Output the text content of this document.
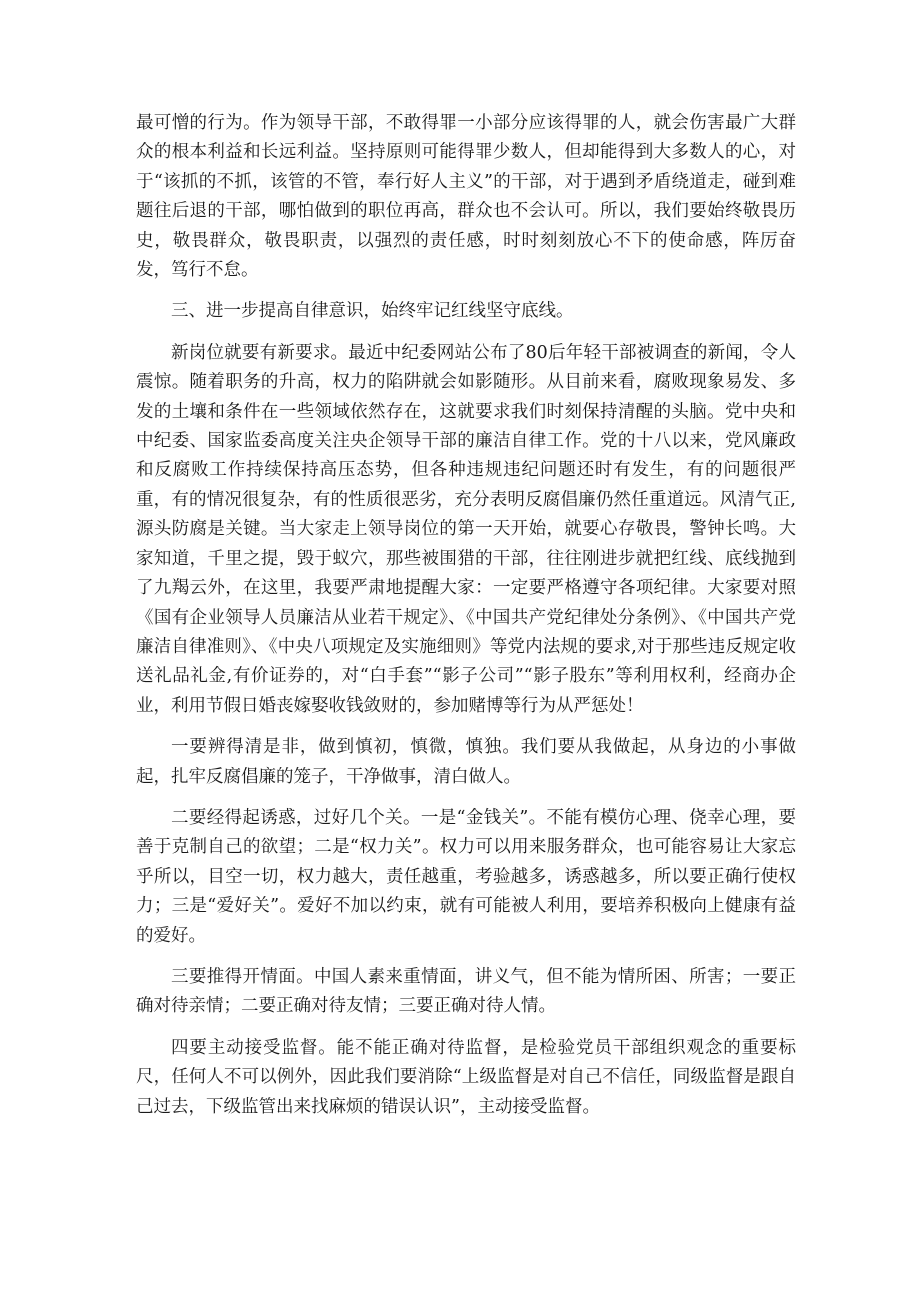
最可憎的行为。作为领导干部，不敢得罪一小部分应该得罪的人，就会伤害最广大群众的根本利益和长远利益。坚持原则可能得罪少数人，但却能得到大多数人的心，对于“该抓的不抓，该管的不管，奉行好人主义”的干部，对于遇到矛盾绕道走，碰到难题往后退的干部，哪怕做到的职位再高，群众也不会认可。所以，我们要始终敬畏历史，敬畏群众，敬畏职责，以强烈的责任感，时时刻刻放心不下的使命感，阵厉奋发，笃行不怠。

三、进一步提高自律意识，始终牢记红线坚守底线。

新岗位就要有新要求。最近中纪委网站公布了80后年轻干部被调查的新闻，令人震惊。随着职务的升高，权力的陷阱就会如影随形。从目前来看，腐败现象易发、多发的土壤和条件在一些领域依然存在，这就要求我们时刻保持清醒的头脑。党中央和中纪委、国家监委高度关注央企领导干部的廉洁自律工作。党的十八以来，党风廉政和反腐败工作持续保持高压态势，但各种违规违纪问题还时有发生，有的问题很严重，有的情况很复杂，有的性质很恶劣，充分表明反腐倡廉仍然任重道远。风清气正,源头防腐是关键。当大家走上领导岗位的第一天开始，就要心存敬畏，警钟长鸣。大家知道，千里之提，毁于蚁穴，那些被围猎的干部，往往刚进步就把红线、底线抛到了九羯云外，在这里，我要严肃地提醒大家：一定要严格遵守各项纪律。大家要对照《国有企业领导人员廉洁从业若干规定》、《中国共产党纪律处分条例》、《中国共产党廉洁自律准则》、《中央八项规定及实施细则》等党内法规的要求,对于那些违反规定收送礼品礼金,有价证券的，对“白手套”“影子公司”“影子股东”等利用权利，经商办企业，利用节假日婚丧嫁娶收钱敛财的，参加赌博等行为从严惩处！

一要辨得清是非，做到慎初，慎微，慎独。我们要从我做起，从身边的小事做起，扎牢反腐倡廉的笼子，干净做事，清白做人。

二要经得起诱惑，过好几个关。一是“金钱关”。不能有模仿心理、侥幸心理，要善于克制自己的欲望；二是“权力关”。权力可以用来服务群众，也可能容易让大家忘乎所以，目空一切，权力越大，责任越重，考验越多，诱惑越多，所以要正确行使权力；三是“爱好关”。爱好不加以约束，就有可能被人利用，要培养积极向上健康有益的爱好。

三要推得开情面。中国人素来重情面，讲义气，但不能为情所困、所害；一要正确对待亲情；二要正确对待友情；三要正确对待人情。

四要主动接受监督。能不能正确对待监督，是检验党员干部组织观念的重要标尺，任何人不可以例外，因此我们要消除“上级监督是对自己不信任，同级监督是跟自己过去，下级监管出来找麻烦的错误认识”，主动接受监督。
